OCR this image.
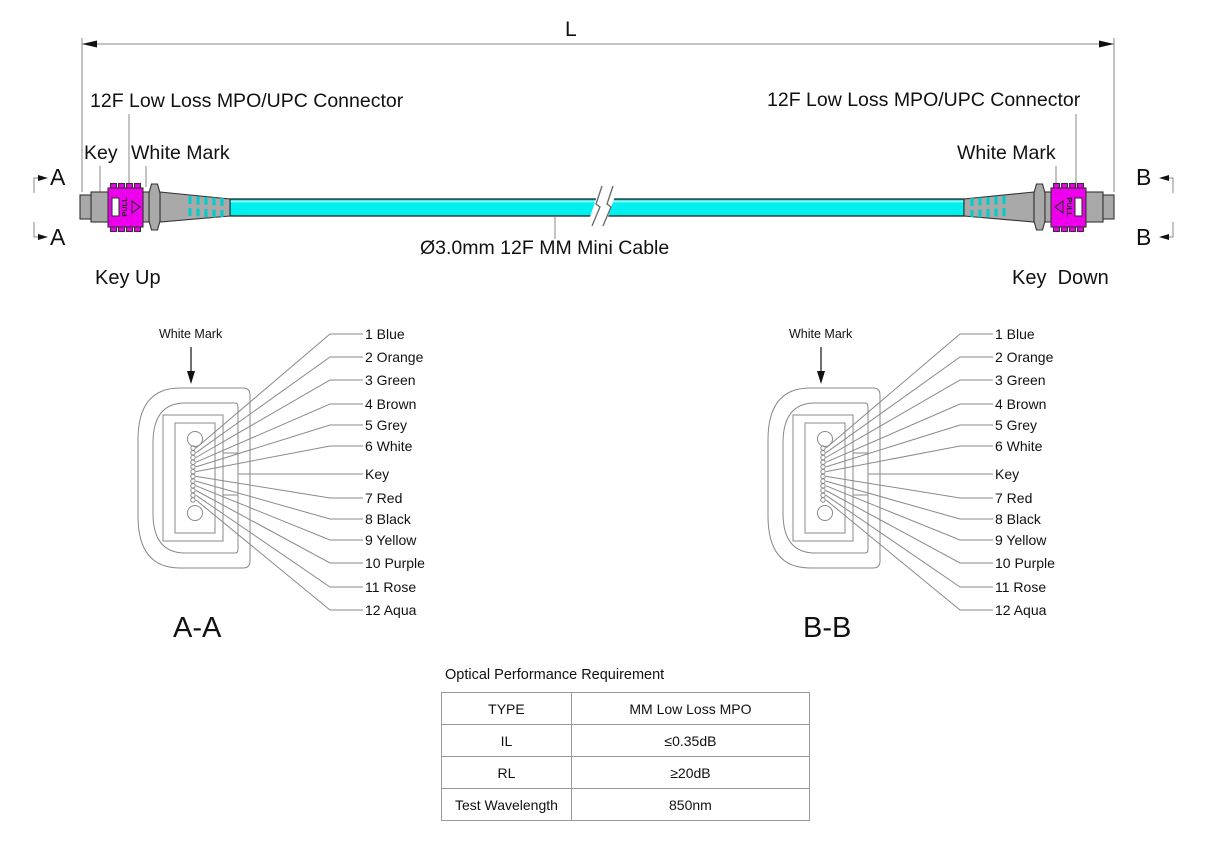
PULL	PULL
L
12F Low Loss MPO/UPC Connector	12F Low Loss MPO/UPC Connector
Key White Mark	White Mark
A
A
B
B
Key Up	Key  Down
Ø3.0mm 12F MM Mini Cable
White Mark	1 Blue
2 Orange
3 Green
4 Brown
5 Grey
6 White
Key
7 Red
8 Black
9 Yellow
10 Purple
11 Rose
12 Aqua
A-A
White Mark	1 Blue
2 Orange
3 Green
4 Brown
5 Grey
6 White
Key
7 Red
8 Black
9 Yellow
10 Purple
11 Rose
12 Aqua
B-B

Optical Performance Requirement

TYPE	MM Low Loss MPO
IL	≤0.35dB
RL	≥20dB
Test Wavelength	850nm
